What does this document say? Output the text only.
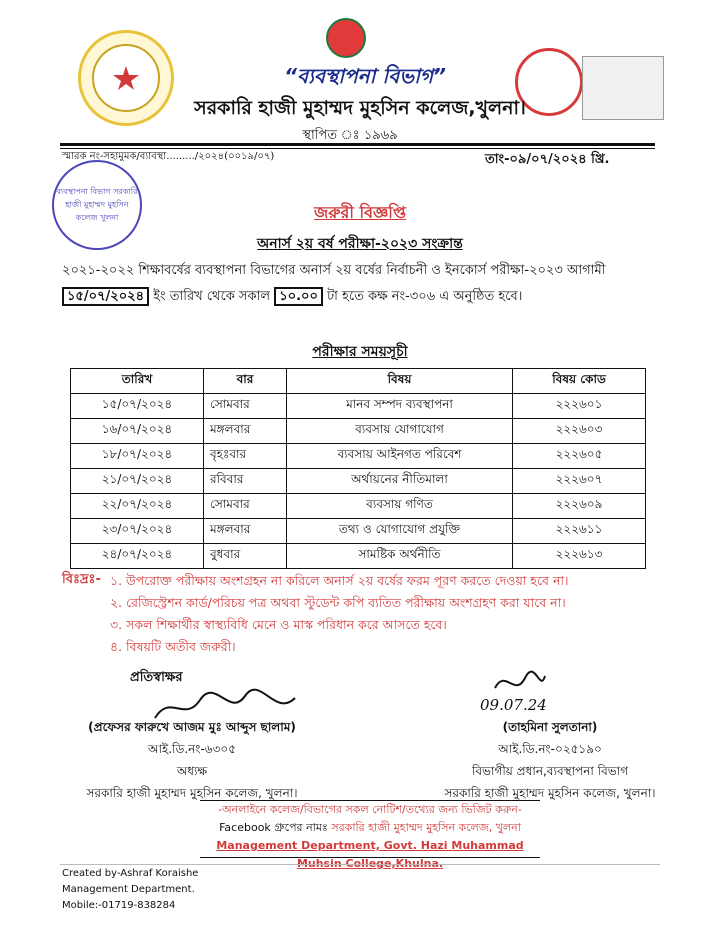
“ব্যবস্থাপনা বিভাগ”
সরকারি হাজী মুহাম্মদ মুহসিন কলেজ,খুলনা।
স্থাপিত ঃ ১৯৬৯
স্মারক নং-সহামুমক/ব্যাবস্থা........./২০২৪(০০১৯/০৭)	তাং-০৯/০৭/২০২৪ খ্রি.
ব্যবস্থাপনা বিভাগ সরকারি হাজী মুহাম্মদ মুহসিন কলেজ খুলনা	জরুরী বিজ্ঞপ্তি
অনার্স ২য় বর্ষ পরীক্ষা-২০২৩ সংক্রান্ত
২০২১-২০২২ শিক্ষাবর্ষের ব্যবস্থাপনা বিভাগের অনার্স ২য় বর্ষের নির্বাচনী ও ইনকোর্স পরীক্ষা-২০২৩ আগামী ১৫/০৭/২০২৪ ইং তারিখ থেকে সকাল ১০.০০ টা হতে কক্ষ নং-৩০৬ এ অনুষ্ঠিত হবে।
পরীক্ষার সময়সূচী
তারিখ	বার	বিষয়	বিষয় কোড
১৫/০৭/২০২৪	সোমবার	মানব সম্পদ ব্যবস্থাপনা	২২২৬০১
১৬/০৭/২০২৪	মঙ্গলবার	ব্যবসায় যোগাযোগ	২২২৬০৩
১৮/০৭/২০২৪	বৃহঃবার	ব্যবসায় আইনগত পরিবেশ	২২২৬০৫
২১/০৭/২০২৪	রবিবার	অর্থায়নের নীতিমালা	২২২৬০৭
২২/০৭/২০২৪	সোমবার	ব্যবসায় গণিত	২২২৬০৯
২৩/০৭/২০২৪	মঙ্গলবার	তথ্য ও যোগাযোগ প্রযুক্তি	২২২৬১১
২৪/০৭/২০২৪	বুধবার	সামষ্টিক অর্থনীতি	২২২৬১৩
বিঃদ্রঃ- ১. উপরোক্ত পরীক্ষায় অংশগ্রহন না করিলে অনার্স ২য় বর্ষের ফরম পূরণ করতে দেওয়া হবে না।
২. রেজিস্ট্রেশন কার্ড/পরিচয় পত্র অথবা স্টুডেন্ট কপি ব্যতিত পরীক্ষায় অংশগ্রহণ করা যাবে না।
৩. সকল শিক্ষার্থীর স্বাস্থ্যবিধি মেনে ও মাস্ক পরিধান করে আসতে হবে।
৪. বিষয়টি অতীব জরুরী।
প্রতিস্বাক্ষর
(প্রফেসর ফারুখে আজম মুঃ আব্দুস ছালাম)
আই.ডি.নং-৬৩০৫
অধ্যক্ষ
সরকারি হাজী মুহাম্মদ মুহসিন কলেজ, খুলনা।
09.07.24
(তাহমিনা সুলতানা)
আই.ডি.নং-০২৫১৯০
বিভাগীয় প্রধান,ব্যবস্থাপনা বিভাগ
সরকারি হাজী মুহাম্মদ মুহসিন কলেজ, খুলনা।
-অনলাইনে কলেজ/বিভাগের সকল নোটিশ/তথ্যের জন্য ভিজিট করুন-
Facebook গ্রুপের নামঃ সরকারি হাজী মুহাম্মদ মুহসিন কলেজ, খুলনা
Management Department, Govt. Hazi Muhammad Muhsin College,Khulna.
Created by-Ashraf Koraishe
Management Department.
Mobile:-01719-838284
